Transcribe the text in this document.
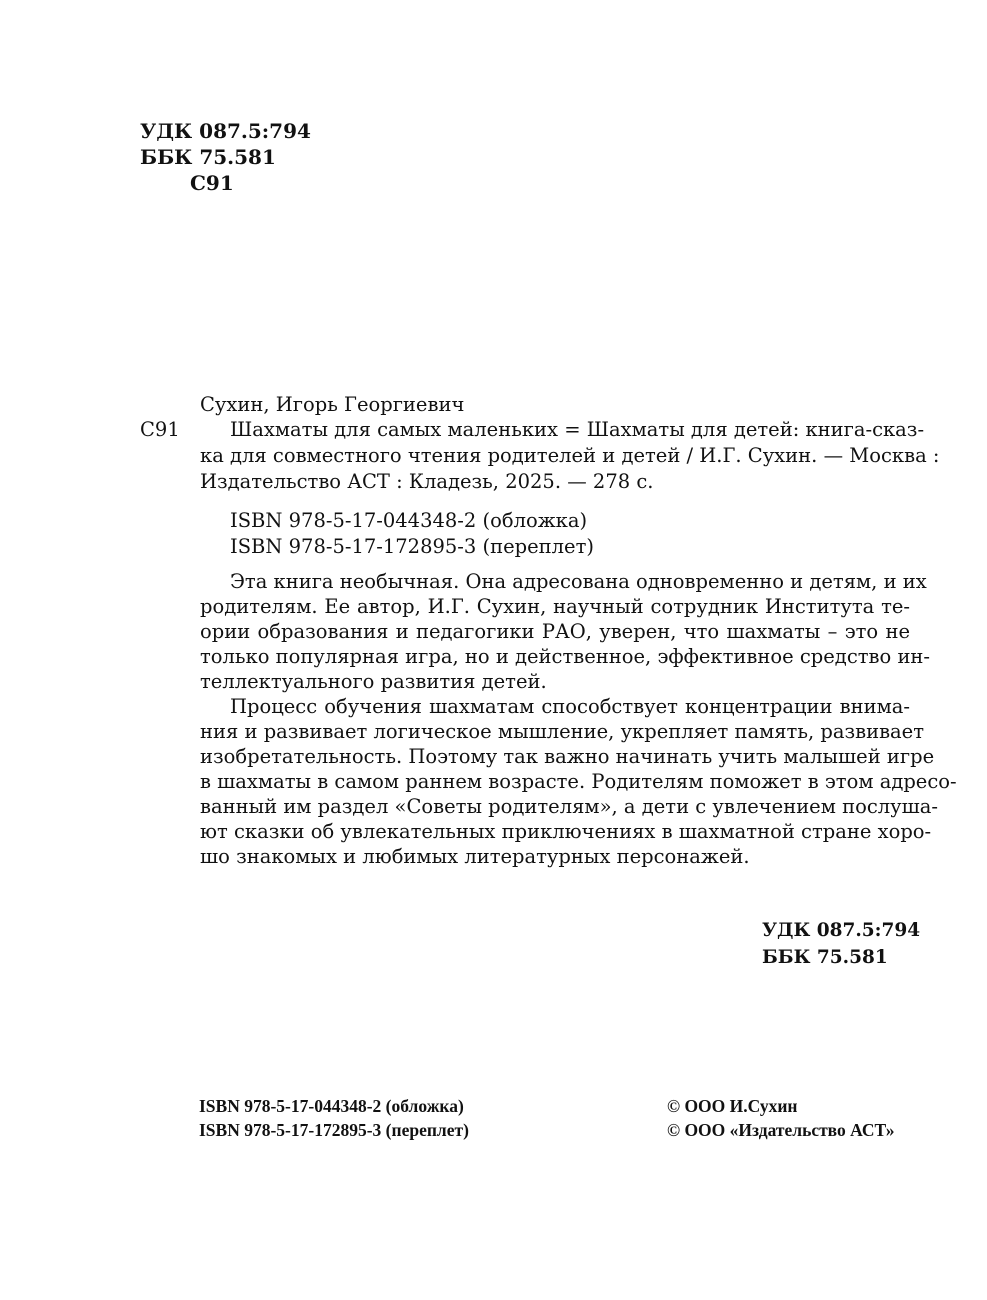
УДК 087.5:794
ББК 75.581
С91
Сухин, Игорь Георгиевич
С91	Шахматы для самых маленьких = Шахматы для детей: книга-сказ-
ка для совместного чтения родителей и детей / И.Г. Сухин. — Москва :
Издательство АСТ : Кладезь, 2025. — 278 с.
ISBN 978-5-17-044348-2 (обложка)
ISBN 978-5-17-172895-3 (переплет)
Эта книга необычная. Она адресована одновременно и детям, и их
родителям. Ее автор, И.Г. Сухин, научный сотрудник Института те-
ории образования и педагогики РАО, уверен, что шахматы – это не
только популярная игра, но и действенное, эффективное средство ин-
теллектуального развития детей.
Процесс обучения шахматам способствует концентрации внима-
ния и развивает логическое мышление, укрепляет память, развивает
изобретательность. Поэтому так важно начинать учить малышей игре
в шахматы в самом раннем возрасте. Родителям поможет в этом адресо-
ванный им раздел «Советы родителям», а дети с увлечением послуша-
ют сказки об увлекательных приключениях в шахматной стране хоро-
шо знакомых и любимых литературных персонажей.
УДК 087.5:794
ББК 75.581
ISBN 978-5-17-044348-2 (обложка)
ISBN 978-5-17-172895-3 (переплет)
© ООО И.Сухин
© ООО «Издательство АСТ»
